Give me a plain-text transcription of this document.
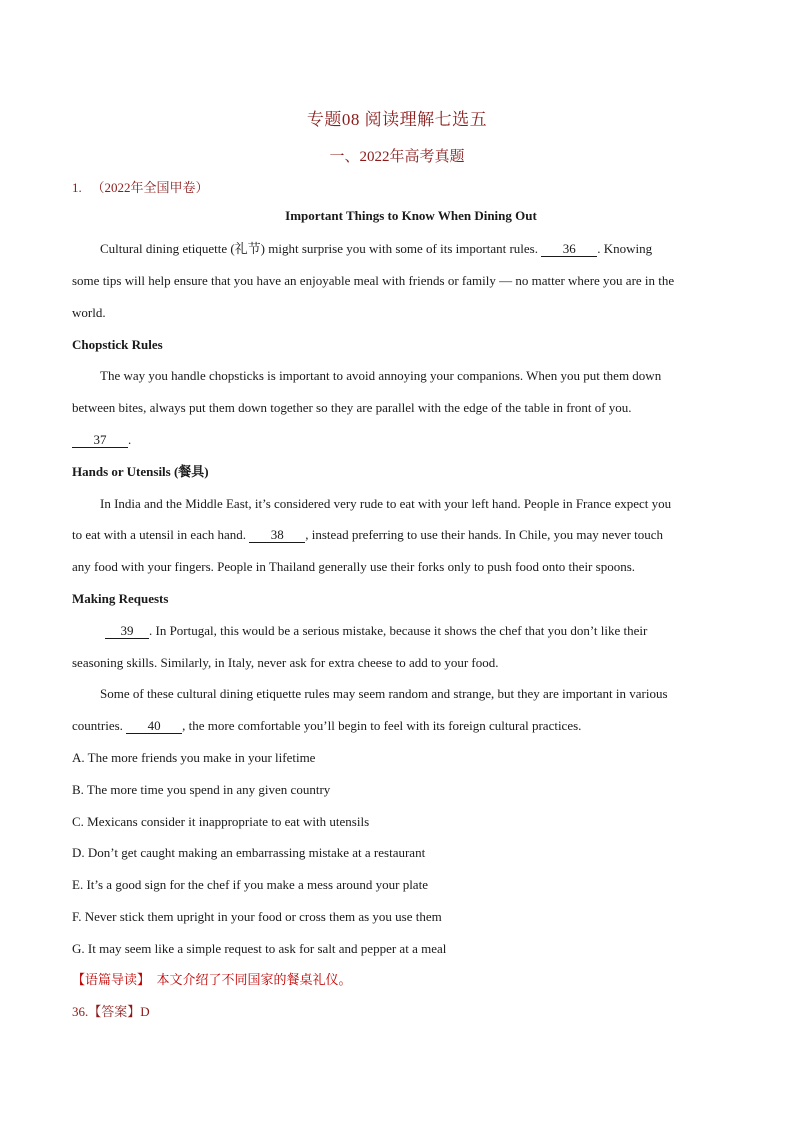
专题08 阅读理解七选五
一、2022年高考真题
1. （2022年全国甲卷）
Important Things to Know When Dining Out
Cultural dining etiquette (礼节) might surprise you with some of its important rules. 36 . Knowing
some tips will help ensure that you have an enjoyable meal with friends or family — no matter where you are in the
world.
Chopstick Rules
The way you handle chopsticks is important to avoid annoying your companions. When you put them down
between bites, always put them down together so they are parallel with the edge of the table in front of you.
37 .
Hands or Utensils (餐具)
In India and the Middle East, it’s considered very rude to eat with your left hand. People in France expect you
to eat with a utensil in each hand. 38 , instead preferring to use their hands. In Chile, you may never touch
any food with your fingers. People in Thailand generally use their forks only to push food onto their spoons.
Making Requests
39 . In Portugal, this would be a serious mistake, because it shows the chef that you don’t like their
seasoning skills. Similarly, in Italy, never ask for extra cheese to add to your food.
Some of these cultural dining etiquette rules may seem random and strange, but they are important in various
countries. 40 , the more comfortable you’ll begin to feel with its foreign cultural practices.
A. The more friends you make in your lifetime
B. The more time you spend in any given country
C. Mexicans consider it inappropriate to eat with utensils
D. Don’t get caught making an embarrassing mistake at a restaurant
E. It’s a good sign for the chef if you make a mess around your plate
F. Never stick them upright in your food or cross them as you use them
G. It may seem like a simple request to ask for salt and pepper at a meal
【语篇导读】 本文介绍了不同国家的餐桌礼仪。
36.【答案】D
